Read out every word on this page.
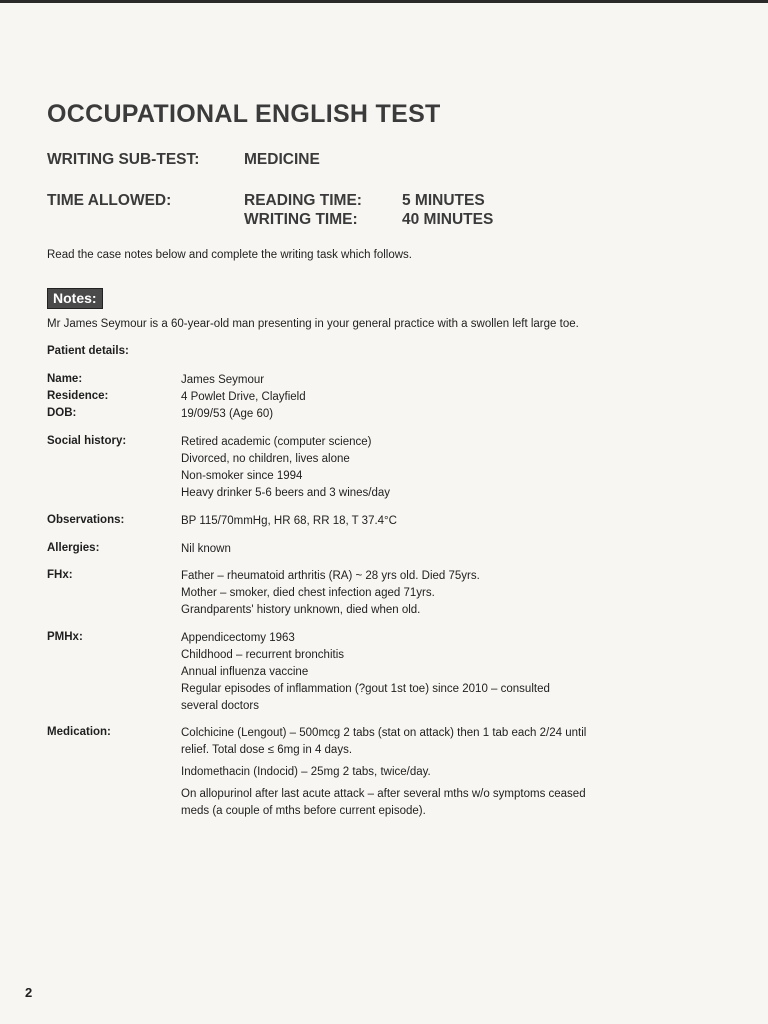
OCCUPATIONAL ENGLISH TEST
WRITING SUB-TEST:	MEDICINE
TIME ALLOWED:	READING TIME:	5 MINUTES
WRITING TIME:	40 MINUTES
Read the case notes below and complete the writing task which follows.
Notes:
Mr James Seymour is a 60-year-old man presenting in your general practice with a swollen left large toe.
Patient details:
Name:	James Seymour
Residence:	4 Powlet Drive, Clayfield
DOB:	19/09/53 (Age 60)
Social history:	Retired academic (computer science)
Divorced, no children, lives alone
Non-smoker since 1994
Heavy drinker 5-6 beers and 3 wines/day
Observations:	BP 115/70mmHg, HR 68, RR 18, T 37.4°C
Allergies:	Nil known
FHx:	Father – rheumatoid arthritis (RA) ~ 28 yrs old. Died 75yrs.
Mother – smoker, died chest infection aged 71yrs.
Grandparents' history unknown, died when old.
PMHx:	Appendicectomy 1963
Childhood – recurrent bronchitis
Annual influenza vaccine
Regular episodes of inflammation (?gout 1st toe) since 2010 – consulted
several doctors
Medication:	Colchicine (Lengout) – 500mcg 2 tabs (stat on attack) then 1 tab each 2/24 until
relief. Total dose ≤ 6mg in 4 days.
Indomethacin (Indocid) – 25mg 2 tabs, twice/day.
On allopurinol after last acute attack – after several mths w/o symptoms ceased
meds (a couple of mths before current episode).
2
